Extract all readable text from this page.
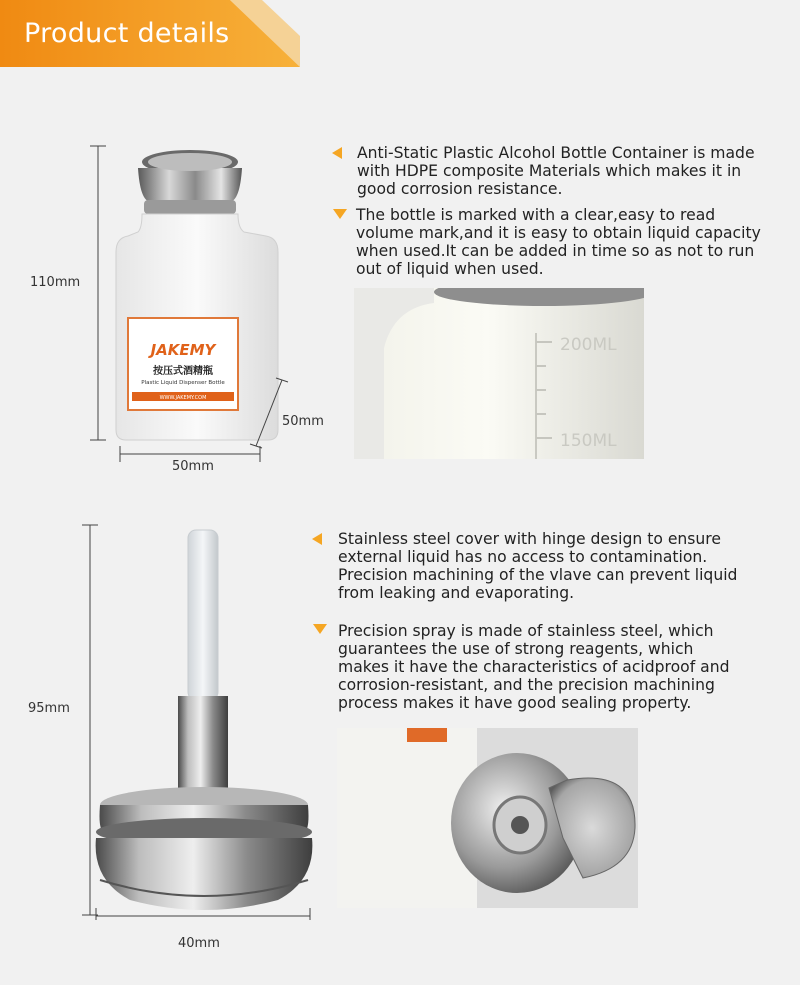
Product details
JAKEMY
按压式酒精瓶
Plastic Liquid Dispenser Bottle
WWW.JAKEMY.COM
110mm
50mm
50mm
Anti-Static Plastic Alcohol Bottle Container is made with HDPE composite Materials which makes it in good corrosion resistance.
The bottle is marked with a clear,easy to read volume mark,and it is easy to obtain liquid capacity when used.It can be added in time so as not to run out of liquid when used.
200ML
150ML
95mm
40mm
Stainless steel cover with hinge design to ensure external liquid has no access to contamination. Precision machining of the vlave can prevent liquid from leaking and evaporating.
Precision spray is made of stainless steel, which guarantees the use of strong reagents, which makes it have the characteristics of acidproof and corrosion-resistant, and the precision machining process makes it have good sealing property.
